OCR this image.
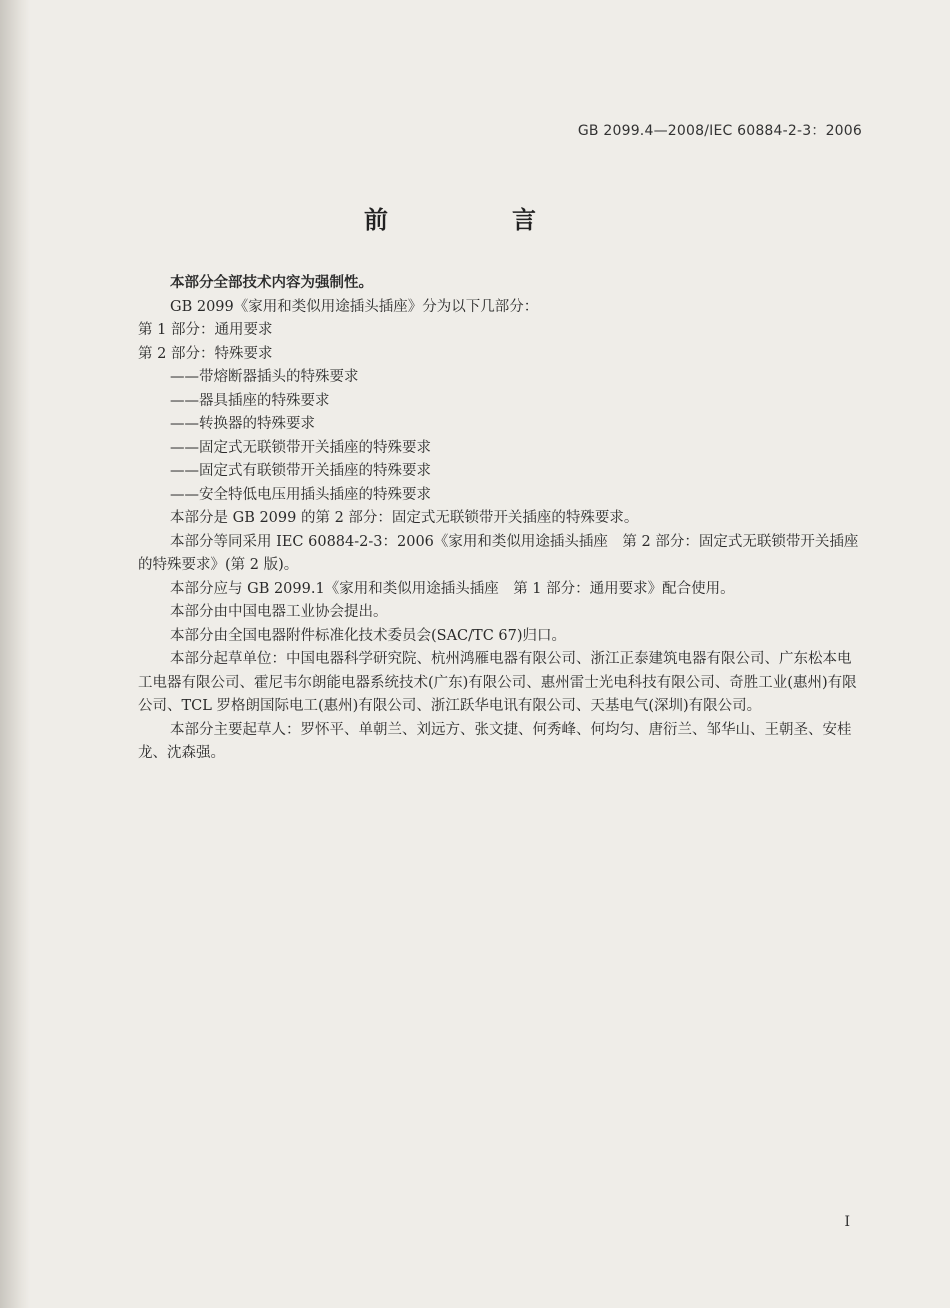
GB 2099.4—2008/IEC 60884-2-3：2006
前　言

本部分全部技术内容为强制性。

GB 2099《家用和类似用途插头插座》分为以下几部分：

第 1 部分：通用要求

第 2 部分：特殊要求

——带熔断器插头的特殊要求

——器具插座的特殊要求

——转换器的特殊要求

——固定式无联锁带开关插座的特殊要求

——固定式有联锁带开关插座的特殊要求

——安全特低电压用插头插座的特殊要求

本部分是 GB 2099 的第 2 部分：固定式无联锁带开关插座的特殊要求。

本部分等同采用 IEC 60884-2-3：2006《家用和类似用途插头插座　第 2 部分：固定式无联锁带开关插座的特殊要求》(第 2 版)。

本部分应与 GB 2099.1《家用和类似用途插头插座　第 1 部分：通用要求》配合使用。

本部分由中国电器工业协会提出。

本部分由全国电器附件标准化技术委员会(SAC/TC 67)归口。

本部分起草单位：中国电器科学研究院、杭州鸿雁电器有限公司、浙江正泰建筑电器有限公司、广东松本电工电器有限公司、霍尼韦尔朗能电器系统技术(广东)有限公司、惠州雷士光电科技有限公司、奇胜工业(惠州)有限公司、TCL 罗格朗国际电工(惠州)有限公司、浙江跃华电讯有限公司、天基电气(深圳)有限公司。

本部分主要起草人：罗怀平、单朝兰、刘远方、张文捷、何秀峰、何均匀、唐衍兰、邹华山、王朝圣、安桂龙、沈森强。

I
